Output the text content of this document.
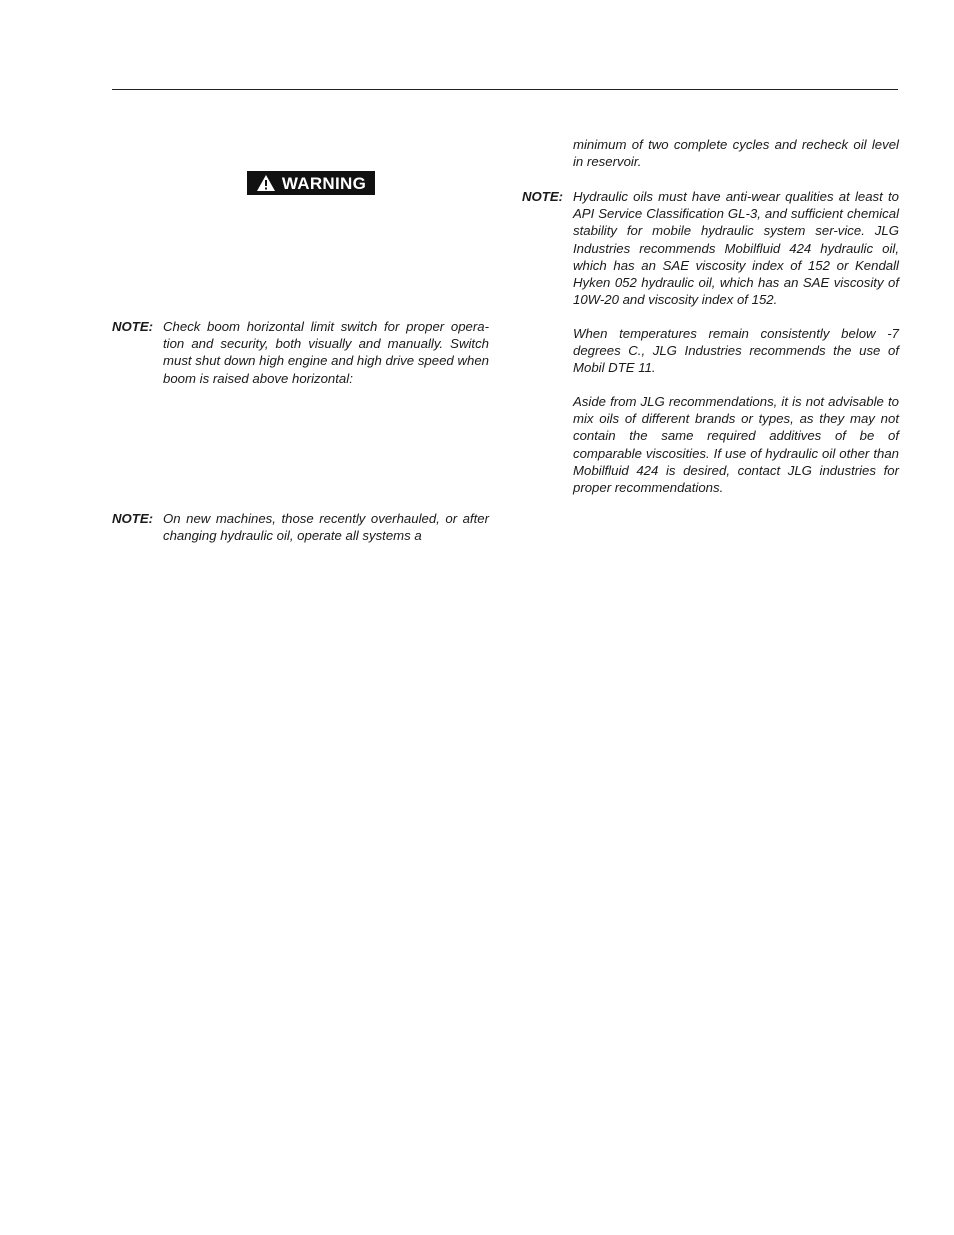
WARNING
NOTE: Check boom horizontal limit switch for proper opera-tion and security, both visually and manually. Switch must shut down high engine and high drive speed when boom is raised above horizontal:
NOTE: On new machines, those recently overhauled, or after changing hydraulic oil, operate all systems a
minimum of two complete cycles and recheck oil level in reservoir.
NOTE: Hydraulic oils must have anti-wear qualities at least to API Service Classification GL-3, and sufficient chemical stability for mobile hydraulic system ser-vice. JLG Industries recommends Mobilfluid 424 hydraulic oil, which has an SAE viscosity index of 152 or Kendall Hyken 052 hydraulic oil, which has an SAE viscosity of 10W-20 and viscosity index of 152.
When temperatures remain consistently below -7 degrees C., JLG Industries recommends the use of Mobil DTE 11.
Aside from JLG recommendations, it is not advisable to mix oils of different brands or types, as they may not contain the same required additives of be of comparable viscosities. If use of hydraulic oil other than Mobilfluid 424 is desired, contact JLG industries for proper recommendations.
